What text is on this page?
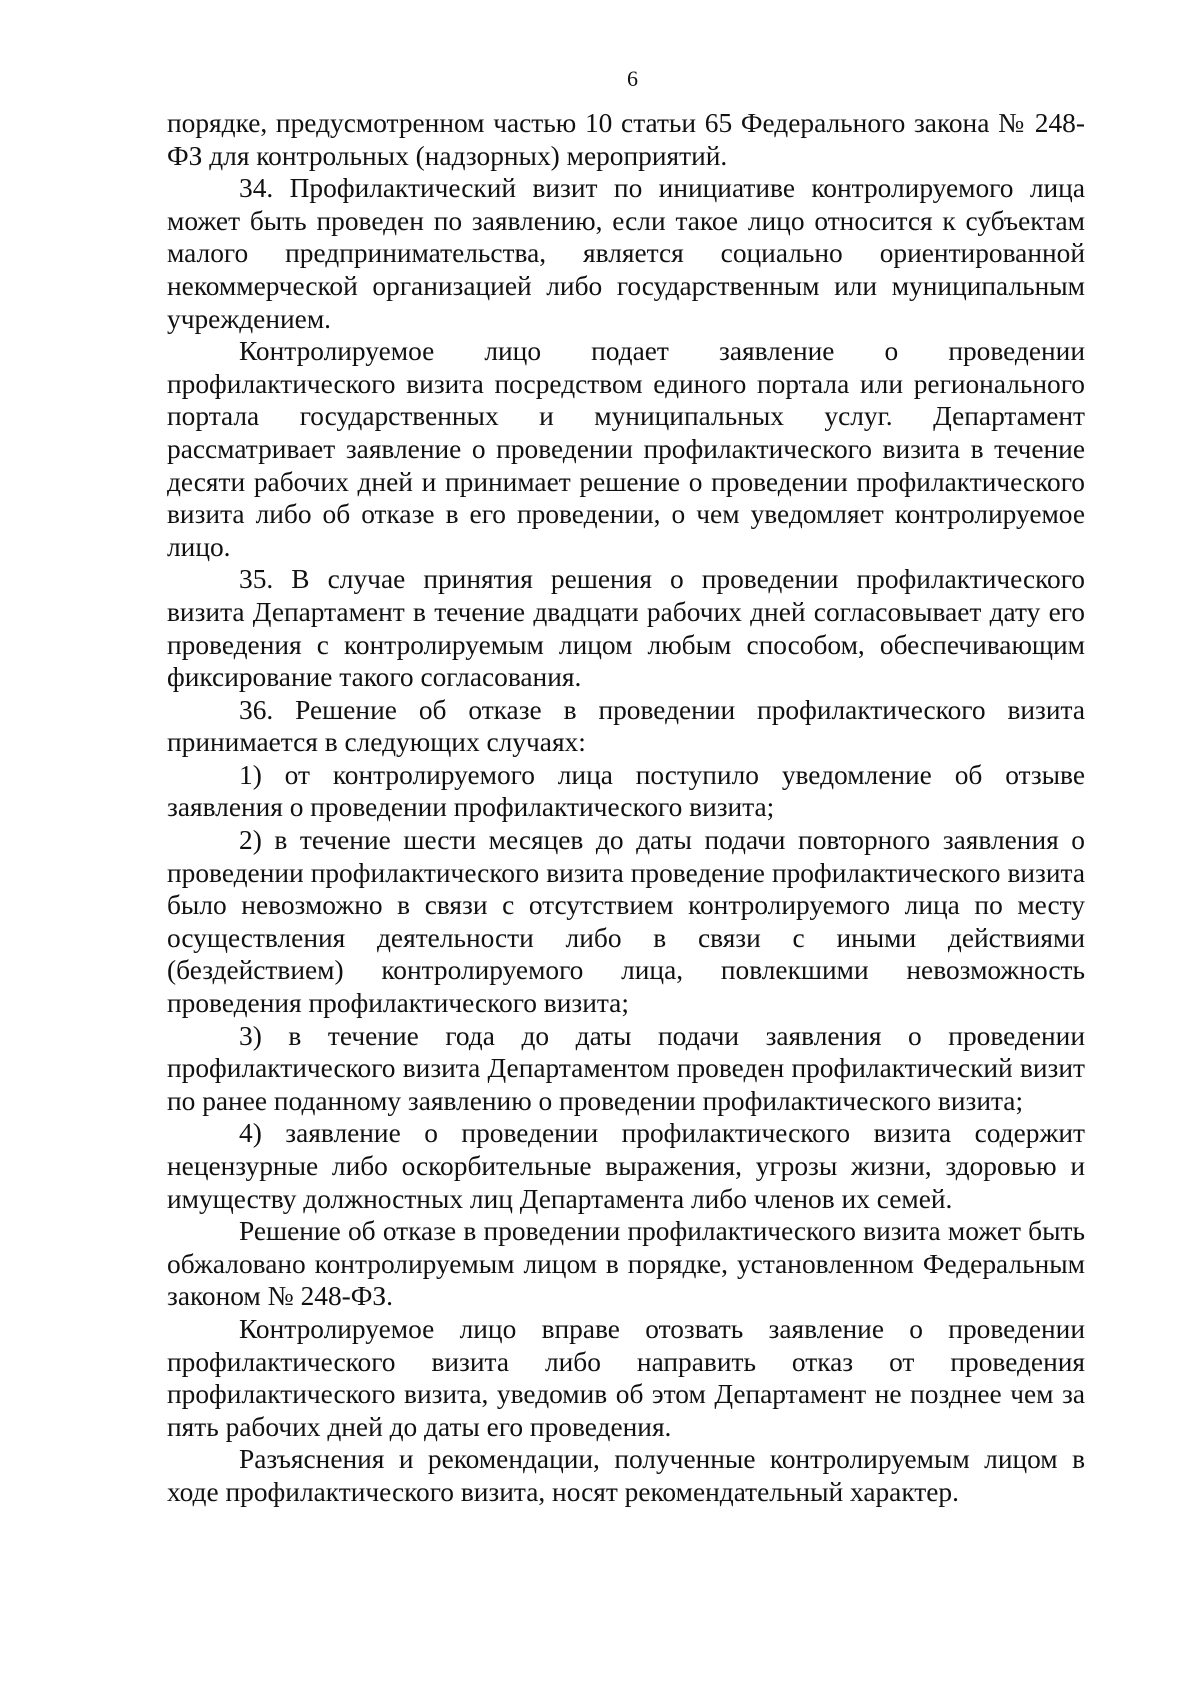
6

порядке, предусмотренном частью 10 статьи 65 Федерального закона № 248-ФЗ для контрольных (надзорных) мероприятий.

34. Профилактический визит по инициативе контролируемого лица может быть проведен по заявлению, если такое лицо относится к субъектам малого предпринимательства, является социально ориентированной некоммерческой организацией либо государственным или муниципальным учреждением.

Контролируемое лицо подает заявление о проведении профилактического визита посредством единого портала или регионального портала государственных и муниципальных услуг. Департамент рассматривает заявление о проведении профилактического визита в течение десяти рабочих дней и принимает решение о проведении профилактического визита либо об отказе в его проведении, о чем уведомляет контролируемое лицо.

35. В случае принятия решения о проведении профилактического визита Департамент в течение двадцати рабочих дней согласовывает дату его проведения с контролируемым лицом любым способом, обеспечивающим фиксирование такого согласования.

36. Решение об отказе в проведении профилактического визита принимается в следующих случаях:

1) от контролируемого лица поступило уведомление об отзыве заявления о проведении профилактического визита;

2) в течение шести месяцев до даты подачи повторного заявления о проведении профилактического визита проведение профилактического визита было невозможно в связи с отсутствием контролируемого лица по месту осуществления деятельности либо в связи с иными действиями (бездействием) контролируемого лица, повлекшими невозможность проведения профилактического визита;

3) в течение года до даты подачи заявления о проведении профилактического визита Департаментом проведен профилактический визит по ранее поданному заявлению о проведении профилактического визита;

4) заявление о проведении профилактического визита содержит нецензурные либо оскорбительные выражения, угрозы жизни, здоровью и имуществу должностных лиц Департамента либо членов их семей.

Решение об отказе в проведении профилактического визита может быть обжаловано контролируемым лицом в порядке, установленном Федеральным законом № 248-ФЗ.

Контролируемое лицо вправе отозвать заявление о проведении профилактического визита либо направить отказ от проведения профилактического визита, уведомив об этом Департамент не позднее чем за пять рабочих дней до даты его проведения.

Разъяснения и рекомендации, полученные контролируемым лицом в ходе профилактического визита, носят рекомендательный характер.
